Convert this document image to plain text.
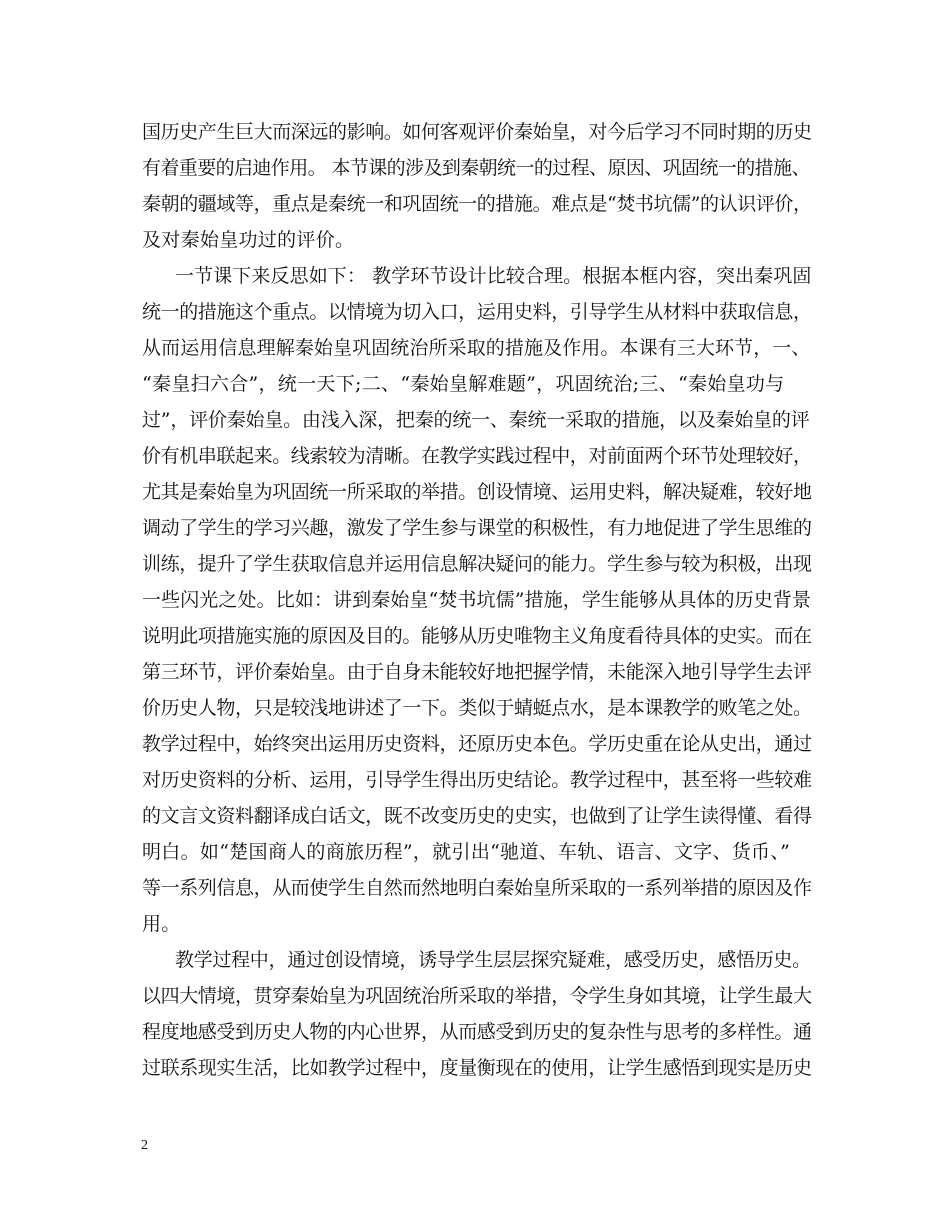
国历史产生巨大而深远的影响。如何客观评价秦始皇，对今后学习不同时期的历史
有着重要的启迪作用。 本节课的涉及到秦朝统一的过程、原因、巩固统一的措施、
秦朝的疆域等，重点是秦统一和巩固统一的措施。难点是“焚书坑儒”的认识评价，
及对秦始皇功过的评价。
一节课下来反思如下： 教学环节设计比较合理。根据本框内容，突出秦巩固
统一的措施这个重点。以情境为切入口，运用史料，引导学生从材料中获取信息，
从而运用信息理解秦始皇巩固统治所采取的措施及作用。本课有三大环节，一、
“秦皇扫六合”，统一天下;二、“秦始皇解难题”，巩固统治;三、“秦始皇功与
过”，评价秦始皇。由浅入深，把秦的统一、秦统一采取的措施，以及秦始皇的评
价有机串联起来。线索较为清晰。在教学实践过程中，对前面两个环节处理较好，
尤其是秦始皇为巩固统一所采取的举措。创设情境、运用史料，解决疑难，较好地
调动了学生的学习兴趣，激发了学生参与课堂的积极性，有力地促进了学生思维的
训练，提升了学生获取信息并运用信息解决疑问的能力。学生参与较为积极，出现
一些闪光之处。比如：讲到秦始皇“焚书坑儒”措施，学生能够从具体的历史背景
说明此项措施实施的原因及目的。能够从历史唯物主义角度看待具体的史实。而在
第三环节，评价秦始皇。由于自身未能较好地把握学情，未能深入地引导学生去评
价历史人物，只是较浅地讲述了一下。类似于蜻蜓点水，是本课教学的败笔之处。
教学过程中，始终突出运用历史资料，还原历史本色。学历史重在论从史出，通过
对历史资料的分析、运用，引导学生得出历史结论。教学过程中，甚至将一些较难
的文言文资料翻译成白话文，既不改变历史的史实，也做到了让学生读得懂、看得
明白。如“楚国商人的商旅历程”，就引出“驰道、车轨、语言、文字、货币、”
等一系列信息，从而使学生自然而然地明白秦始皇所采取的一系列举措的原因及作
用。
教学过程中，通过创设情境，诱导学生层层探究疑难，感受历史，感悟历史。
以四大情境，贯穿秦始皇为巩固统治所采取的举措，令学生身如其境，让学生最大
程度地感受到历史人物的内心世界，从而感受到历史的复杂性与思考的多样性。通
过联系现实生活，比如教学过程中，度量衡现在的使用，让学生感悟到现实是历史
2
